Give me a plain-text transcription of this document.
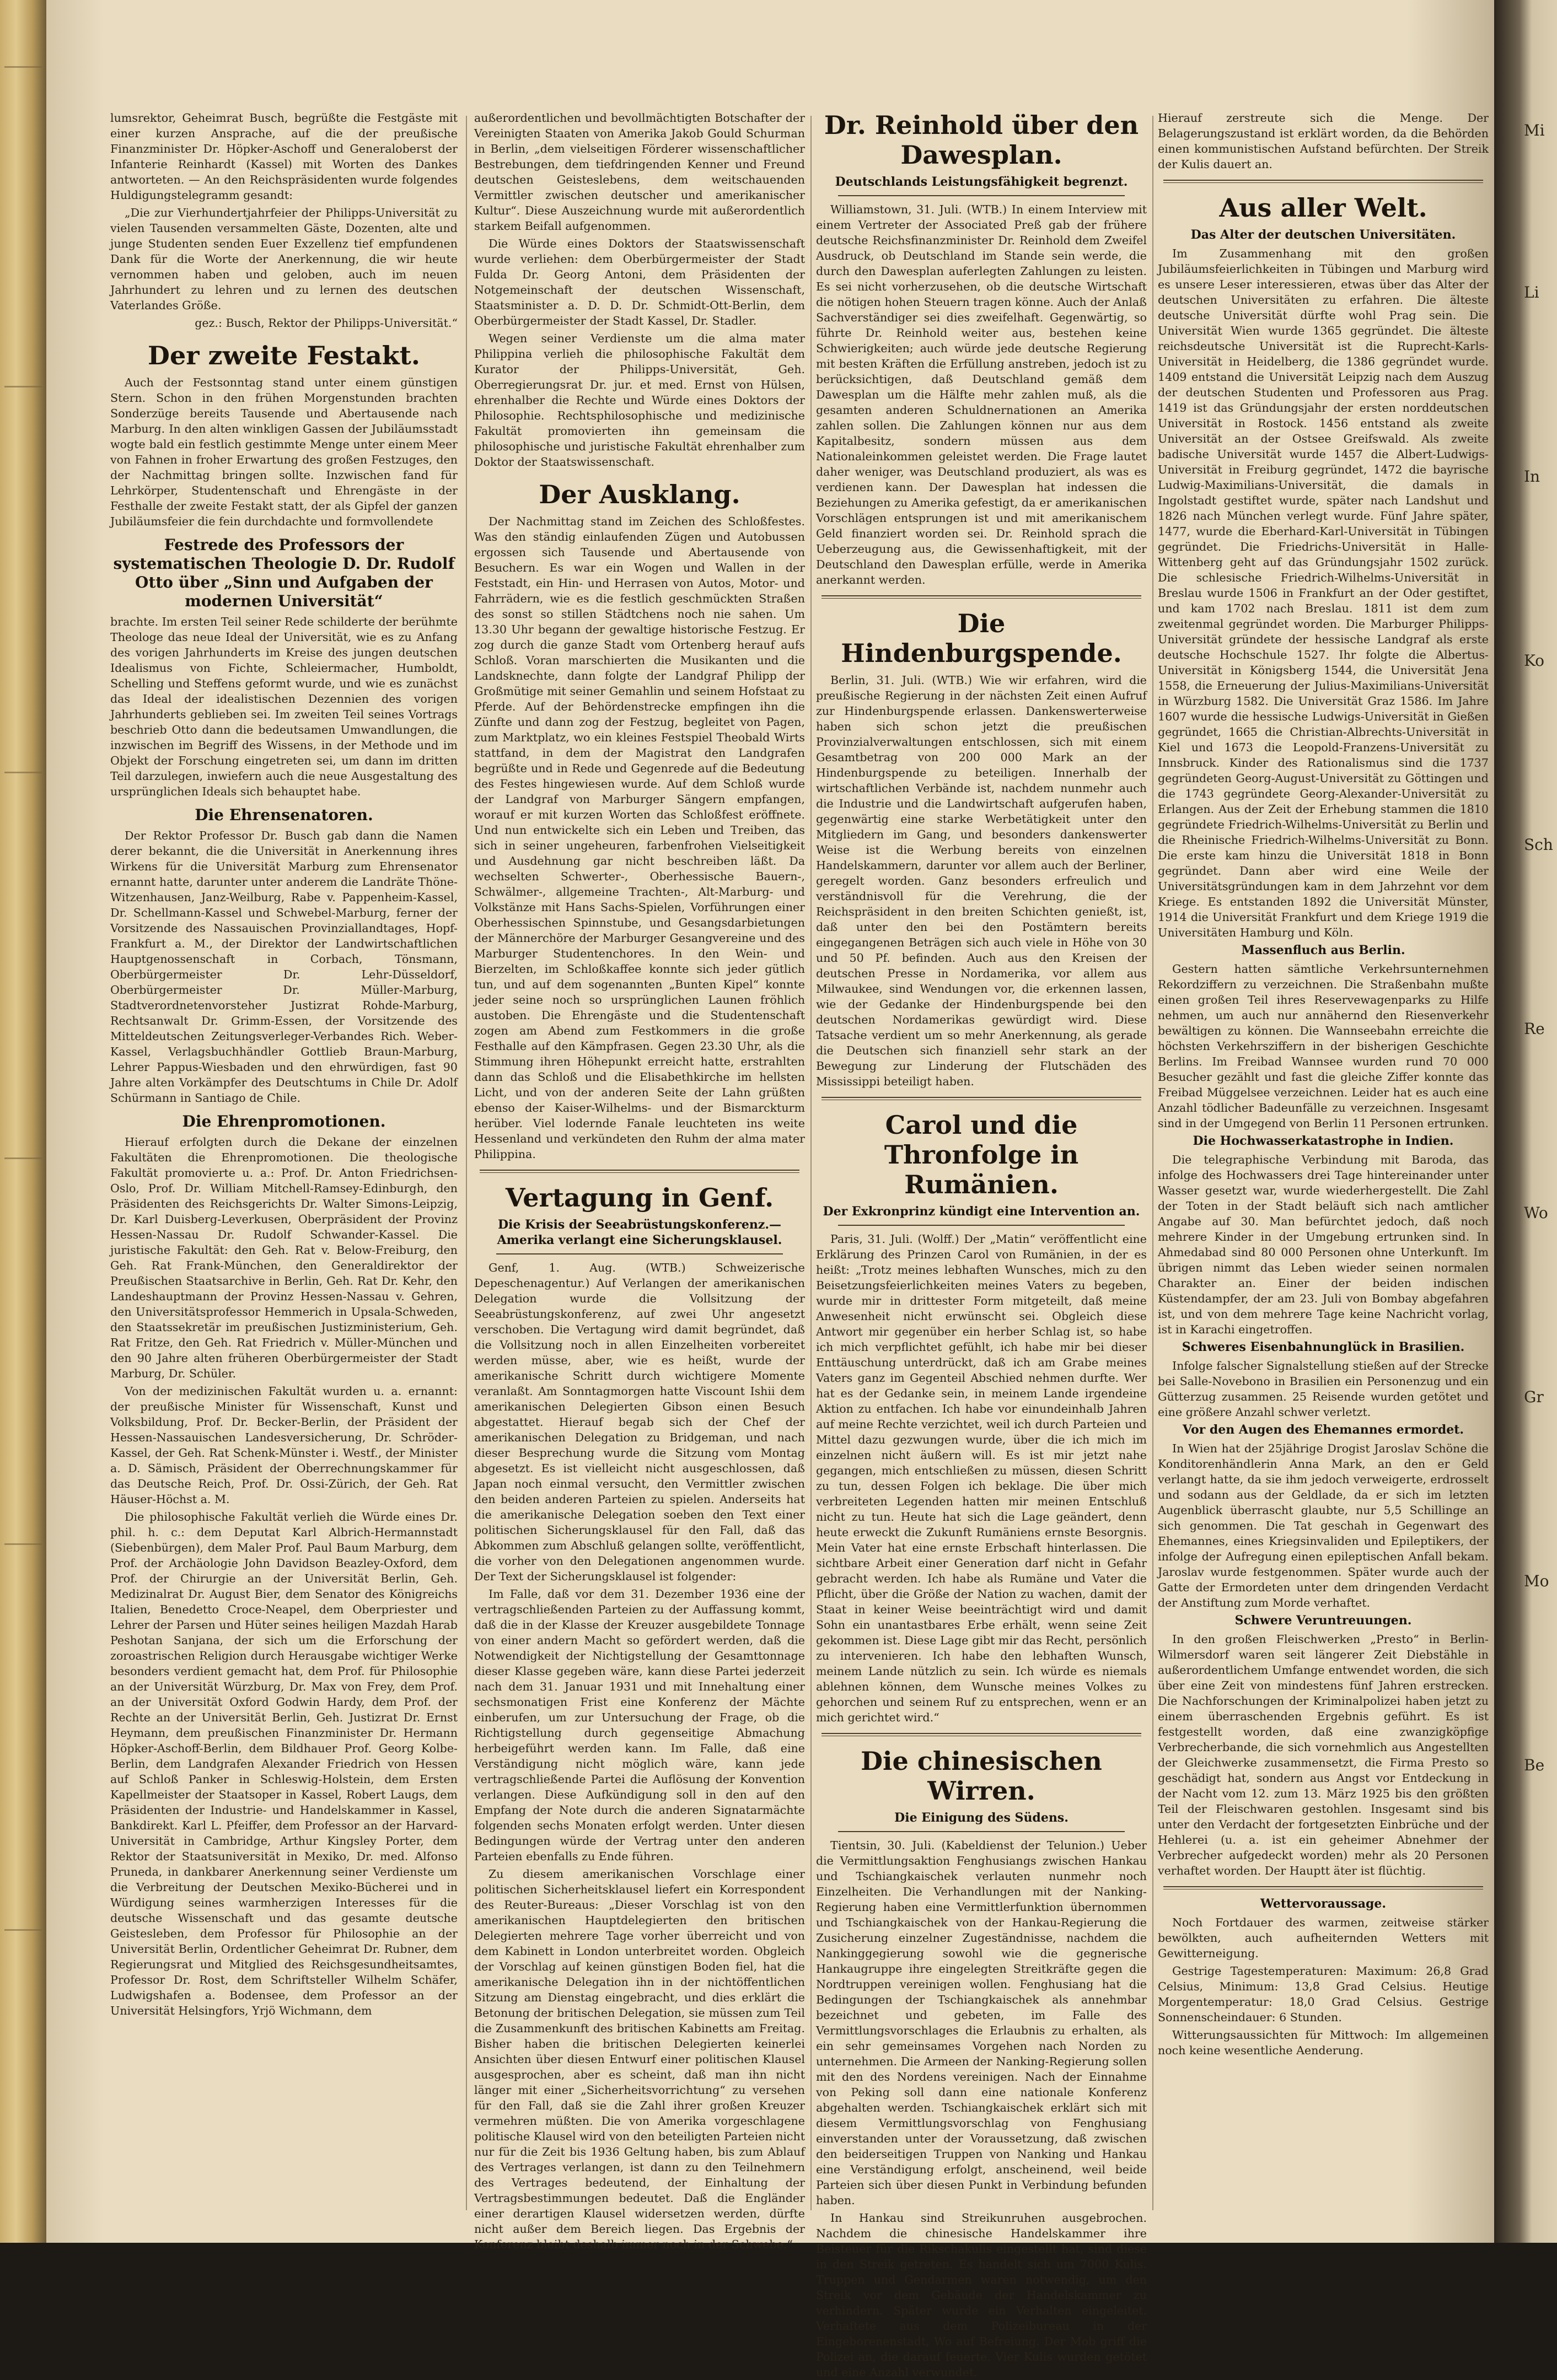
lumsrektor, Geheimrat Busch, begrüßte die Festgäste mit einer kurzen Ansprache, auf die der preußische Finanzminister Dr. Höpker-Aschoff und Generaloberst der Infanterie Reinhardt (Kassel) mit Worten des Dankes antworteten. — An den Reichspräsidenten wurde folgendes Huldigungstelegramm gesandt:

„Die zur Vierhundertjahrfeier der Philipps-Universität zu vielen Tausenden versammelten Gäste, Dozenten, alte und junge Studenten senden Euer Exzellenz tief empfundenen Dank für die Worte der Anerkennung, die wir heute vernommen haben und geloben, auch im neuen Jahrhundert zu lehren und zu lernen des deutschen Vaterlandes Größe.

gez.: Busch, Rektor der Philipps-Universität.“

Der zweite Festakt.

Auch der Festsonntag stand unter einem günstigen Stern. Schon in den frühen Morgenstunden brachten Sonderzüge bereits Tausende und Abertausende nach Marburg. In den alten winkligen Gassen der Jubiläumsstadt wogte bald ein festlich gestimmte Menge unter einem Meer von Fahnen in froher Erwartung des großen Festzuges, den der Nachmittag bringen sollte. Inzwischen fand für Lehrkörper, Studentenschaft und Ehrengäste in der Festhalle der zweite Festakt statt, der als Gipfel der ganzen Jubiläumsfeier die fein durchdachte und formvollendete

Festrede des Professors der systematischen Theologie D. Dr. Rudolf Otto über „Sinn und Aufgaben der modernen Universität“

brachte. Im ersten Teil seiner Rede schilderte der berühmte Theologe das neue Ideal der Universität, wie es zu Anfang des vorigen Jahrhunderts im Kreise des jungen deutschen Idealismus von Fichte, Schleiermacher, Humboldt, Schelling und Steffens geformt wurde, und wie es zunächst das Ideal der idealistischen Dezennien des vorigen Jahrhunderts geblieben sei. Im zweiten Teil seines Vortrags beschrieb Otto dann die bedeutsamen Umwandlungen, die inzwischen im Begriff des Wissens, in der Methode und im Objekt der Forschung eingetreten sei, um dann im dritten Teil darzulegen, inwiefern auch die neue Ausgestaltung des ursprünglichen Ideals sich behauptet habe.

Die Ehrensenatoren.

Der Rektor Professor Dr. Busch gab dann die Namen derer bekannt, die die Universität in Anerkennung ihres Wirkens für die Universität Marburg zum Ehrensenator ernannt hatte, darunter unter anderem die Landräte Thöne-Witzenhausen, Janz-Weilburg, Rabe v. Pappenheim-Kassel, Dr. Schellmann-Kassel und Schwebel-Marburg, ferner der Vorsitzende des Nassauischen Provinziallandtages, Hopf-Frankfurt a. M., der Direktor der Landwirtschaftlichen Hauptgenossenschaft in Corbach, Tönsmann, Oberbürgermeister Dr. Lehr-Düsseldorf, Oberbürgermeister Dr. Müller-Marburg, Stadtverordnetenvorsteher Justizrat Rohde-Marburg, Rechtsanwalt Dr. Grimm-Essen, der Vorsitzende des Mitteldeutschen Zeitungsverleger-Verbandes Rich. Weber-Kassel, Verlagsbuchhändler Gottlieb Braun-Marburg, Lehrer Pappus-Wiesbaden und den ehrwürdigen, fast 90 Jahre alten Vorkämpfer des Deutschtums in Chile Dr. Adolf Schürmann in Santiago de Chile.

Die Ehrenpromotionen.

Hierauf erfolgten durch die Dekane der einzelnen Fakultäten die Ehrenpromotionen. Die theologische Fakultät promovierte u. a.: Prof. Dr. Anton Friedrichsen-Oslo, Prof. Dr. William Mitchell-Ramsey-Edinburgh, den Präsidenten des Reichsgerichts Dr. Walter Simons-Leipzig, Dr. Karl Duisberg-Leverkusen, Oberpräsident der Provinz Hessen-Nassau Dr. Rudolf Schwander-Kassel. Die juristische Fakultät: den Geh. Rat v. Below-Freiburg, den Geh. Rat Frank-München, den Generaldirektor der Preußischen Staatsarchive in Berlin, Geh. Rat Dr. Kehr, den Landeshauptmann der Provinz Hessen-Nassau v. Gehren, den Universitätsprofessor Hemmerich in Upsala-Schweden, den Staatssekretär im preußischen Justizministerium, Geh. Rat Fritze, den Geh. Rat Friedrich v. Müller-München und den 90 Jahre alten früheren Oberbürgermeister der Stadt Marburg, Dr. Schüler.

Von der medizinischen Fakultät wurden u. a. ernannt: der preußische Minister für Wissenschaft, Kunst und Volksbildung, Prof. Dr. Becker-Berlin, der Präsident der Hessen-Nassauischen Landesversicherung, Dr. Schröder-Kassel, der Geh. Rat Schenk-Münster i. Westf., der Minister a. D. Sämisch, Präsident der Oberrechnungskammer für das Deutsche Reich, Prof. Dr. Ossi-Zürich, der Geh. Rat Häuser-Höchst a. M.

Die philosophische Fakultät verlieh die Würde eines Dr. phil. h. c.: dem Deputat Karl Albrich-Hermannstadt (Siebenbürgen), dem Maler Prof. Paul Baum Marburg, dem Prof. der Archäologie John Davidson Beazley-Oxford, dem Prof. der Chirurgie an der Universität Berlin, Geh. Medizinalrat Dr. August Bier, dem Senator des Königreichs Italien, Benedetto Croce-Neapel, dem Oberpriester und Lehrer der Parsen und Hüter seines heiligen Mazdah Harab Peshotan Sanjana, der sich um die Erforschung der zoroastrischen Religion durch Herausgabe wichtiger Werke besonders verdient gemacht hat, dem Prof. für Philosophie an der Universität Würzburg, Dr. Max von Frey, dem Prof. an der Universität Oxford Godwin Hardy, dem Prof. der Rechte an der Universität Berlin, Geh. Justizrat Dr. Ernst Heymann, dem preußischen Finanzminister Dr. Hermann Höpker-Aschoff-Berlin, dem Bildhauer Prof. Georg Kolbe-Berlin, dem Landgrafen Alexander Friedrich von Hessen auf Schloß Panker in Schleswig-Holstein, dem Ersten Kapellmeister der Staatsoper in Kassel, Robert Laugs, dem Präsidenten der Industrie- und Handelskammer in Kassel, Bankdirekt. Karl L. Pfeiffer, dem Professor an der Harvard-Universität in Cambridge, Arthur Kingsley Porter, dem Rektor der Staatsuniversität in Mexiko, Dr. med. Alfonso Pruneda, in dankbarer Anerkennung seiner Verdienste um die Verbreitung der Deutschen Mexiko-Bücherei und in Würdigung seines warmherzigen Interesses für die deutsche Wissenschaft und das gesamte deutsche Geistesleben, dem Professor für Philosophie an der Universität Berlin, Ordentlicher Geheimrat Dr. Rubner, dem Regierungsrat und Mitglied des Reichsgesundheitsamtes, Professor Dr. Rost, dem Schriftsteller Wilhelm Schäfer, Ludwigshafen a. Bodensee, dem Professor an der Universität Helsingfors, Yrjö Wichmann, dem

außerordentlichen und bevollmächtigten Botschafter der Vereinigten Staaten von Amerika Jakob Gould Schurman in Berlin, „dem vielseitigen Förderer wissenschaftlicher Bestrebungen, dem tiefdringenden Kenner und Freund deutschen Geisteslebens, dem weitschauenden Vermittler zwischen deutscher und amerikanischer Kultur“. Diese Auszeichnung wurde mit außerordentlich starkem Beifall aufgenommen.

Die Würde eines Doktors der Staatswissenschaft wurde verliehen: dem Oberbürgermeister der Stadt Fulda Dr. Georg Antoni, dem Präsidenten der Notgemeinschaft der deutschen Wissenschaft, Staatsminister a. D. D. Dr. Schmidt-Ott-Berlin, dem Oberbürgermeister der Stadt Kassel, Dr. Stadler.

Wegen seiner Verdienste um die alma mater Philippina verlieh die philosophische Fakultät dem Kurator der Philipps-Universität, Geh. Oberregierungsrat Dr. jur. et med. Ernst von Hülsen, ehrenhalber die Rechte und Würde eines Doktors der Philosophie. Rechtsphilosophische und medizinische Fakultät promovierten ihn gemeinsam die philosophische und juristische Fakultät ehrenhalber zum Doktor der Staatswissenschaft.

Der Ausklang.

Der Nachmittag stand im Zeichen des Schloßfestes. Was den ständig einlaufenden Zügen und Autobussen ergossen sich Tausende und Abertausende von Besuchern. Es war ein Wogen und Wallen in der Feststadt, ein Hin- und Herrasen von Autos, Motor- und Fahrrädern, wie es die festlich geschmückten Straßen des sonst so stillen Städtchens noch nie sahen. Um 13.30 Uhr begann der gewaltige historische Festzug. Er zog durch die ganze Stadt vom Ortenberg herauf aufs Schloß. Voran marschierten die Musikanten und die Landsknechte, dann folgte der Landgraf Philipp der Großmütige mit seiner Gemahlin und seinem Hofstaat zu Pferde. Auf der Behördenstrecke empfingen ihn die Zünfte und dann zog der Festzug, begleitet von Pagen, zum Marktplatz, wo ein kleines Festspiel Theobald Wirts stattfand, in dem der Magistrat den Landgrafen begrüßte und in Rede und Gegenrede auf die Bedeutung des Festes hingewiesen wurde. Auf dem Schloß wurde der Landgraf von Marburger Sängern empfangen, worauf er mit kurzen Worten das Schloßfest eröffnete. Und nun entwickelte sich ein Leben und Treiben, das sich in seiner ungeheuren, farbenfrohen Vielseitigkeit und Ausdehnung gar nicht beschreiben läßt. Da wechselten Schwerter-, Oberhessische Bauern-, Schwälmer-, allgemeine Trachten-, Alt-Marburg- und Volkstänze mit Hans Sachs-Spielen, Vorführungen einer Oberhessischen Spinnstube, und Gesangsdarbietungen der Männerchöre der Marburger Gesangvereine und des Marburger Studentenchores. In den Wein- und Bierzelten, im Schloßkaffee konnte sich jeder gütlich tun, und auf dem sogenannten „Bunten Kipel“ konnte jeder seine noch so ursprünglichen Launen fröhlich austoben. Die Ehrengäste und die Studentenschaft zogen am Abend zum Festkommers in die große Festhalle auf den Kämpfrasen. Gegen 23.30 Uhr, als die Stimmung ihren Höhepunkt erreicht hatte, erstrahlten dann das Schloß und die Elisabethkirche im hellsten Licht, und von der anderen Seite der Lahn grüßten ebenso der Kaiser-Wilhelms- und der Bismarckturm herüber. Viel lodernde Fanale leuchteten ins weite Hessenland und verkündeten den Ruhm der alma mater Philippina.

Vertagung in Genf.
Die Krisis der Seeabrüstungskonferenz.— Amerika verlangt eine Sicherungsklausel.

Genf, 1. Aug. (WTB.) Schweizerische Depeschenagentur.) Auf Verlangen der amerikanischen Delegation wurde die Vollsitzung der Seeabrüstungskonferenz, auf zwei Uhr angesetzt verschoben. Die Vertagung wird damit begründet, daß die Vollsitzung noch in allen Einzelheiten vorbereitet werden müsse, aber, wie es heißt, wurde der amerikanische Schritt durch wichtigere Momente veranlaßt. Am Sonntagmorgen hatte Viscount Ishii dem amerikanischen Delegierten Gibson einen Besuch abgestattet. Hierauf begab sich der Chef der amerikanischen Delegation zu Bridgeman, und nach dieser Besprechung wurde die Sitzung vom Montag abgesetzt. Es ist vielleicht nicht ausgeschlossen, daß Japan noch einmal versucht, den Vermittler zwischen den beiden anderen Parteien zu spielen. Anderseits hat die amerikanische Delegation soeben den Text einer politischen Sicherungsklausel für den Fall, daß das Abkommen zum Abschluß gelangen sollte, veröffentlicht, die vorher von den Delegationen angenommen wurde. Der Text der Sicherungsklausel ist folgender:

Im Falle, daß vor dem 31. Dezember 1936 eine der vertragschließenden Parteien zu der Auffassung kommt, daß die in der Klasse der Kreuzer ausgebildete Tonnage von einer andern Macht so gefördert werden, daß die Notwendigkeit der Nichtigstellung der Gesamttonnage dieser Klasse gegeben wäre, kann diese Partei jederzeit nach dem 31. Januar 1931 und mit Innehaltung einer sechsmonatigen Frist eine Konferenz der Mächte einberufen, um zur Untersuchung der Frage, ob die Richtigstellung durch gegenseitige Abmachung herbeigeführt werden kann. Im Falle, daß eine Verständigung nicht möglich wäre, kann jede vertragschließende Partei die Auflösung der Konvention verlangen. Diese Aufkündigung soll in den auf den Empfang der Note durch die anderen Signatarmächte folgenden sechs Monaten erfolgt werden. Unter diesen Bedingungen würde der Vertrag unter den anderen Parteien ebenfalls zu Ende führen.

Zu diesem amerikanischen Vorschlage einer politischen Sicherheitsklausel liefert ein Korrespondent des Reuter-Bureaus: „Dieser Vorschlag ist von den amerikanischen Hauptdelegierten den britischen Delegierten mehrere Tage vorher überreicht und von dem Kabinett in London unterbreitet worden. Obgleich der Vorschlag auf keinen günstigen Boden fiel, hat die amerikanische Delegation ihn in der nichtöffentlichen Sitzung am Dienstag eingebracht, und dies erklärt die Betonung der britischen Delegation, sie müssen zum Teil die Zusammenkunft des britischen Kabinetts am Freitag. Bisher haben die britischen Delegierten keinerlei Ansichten über diesen Entwurf einer politischen Klausel ausgesprochen, aber es scheint, daß man ihn nicht länger mit einer „Sicherheitsvorrichtung“ zu versehen für den Fall, daß sie die Zahl ihrer großen Kreuzer vermehren müßten. Die von Amerika vorgeschlagene politische Klausel wird von den beteiligten Parteien nicht nur für die Zeit bis 1936 Geltung haben, bis zum Ablauf des Vertrages verlangen, ist dann zu den Teilnehmern des Vertrages bedeutend, der Einhaltung der Vertragsbestimmungen bedeutet. Daß die Engländer einer derartigen Klausel widersetzen werden, dürfte nicht außer dem Bereich liegen. Das Ergebnis der Konferenz bleibt deshalb immer noch in der Schwebe.“

Dr. Reinhold über den Dawesplan.
Deutschlands Leistungsfähigkeit begrenzt.

Williamstown, 31. Juli. (WTB.) In einem Interview mit einem Vertreter der Associated Preß gab der frühere deutsche Reichsfinanzminister Dr. Reinhold dem Zweifel Ausdruck, ob Deutschland im Stande sein werde, die durch den Dawesplan auferlegten Zahlungen zu leisten. Es sei nicht vorherzusehen, ob die deutsche Wirtschaft die nötigen hohen Steuern tragen könne. Auch der Anlaß Sachverständiger sei dies zweifelhaft. Gegenwärtig, so führte Dr. Reinhold weiter aus, bestehen keine Schwierigkeiten; auch würde jede deutsche Regierung mit besten Kräften die Erfüllung anstreben, jedoch ist zu berücksichtigen, daß Deutschland gemäß dem Dawesplan um die Hälfte mehr zahlen muß, als die gesamten anderen Schuldnernationen an Amerika zahlen sollen. Die Zahlungen können nur aus dem Kapitalbesitz, sondern müssen aus dem Nationaleinkommen geleistet werden. Die Frage lautet daher weniger, was Deutschland produziert, als was es verdienen kann. Der Dawesplan hat indessen die Beziehungen zu Amerika gefestigt, da er amerikanischen Vorschlägen entsprungen ist und mit amerikanischem Geld finanziert worden sei. Dr. Reinhold sprach die Ueberzeugung aus, die Gewissenhaftigkeit, mit der Deutschland den Dawesplan erfülle, werde in Amerika anerkannt werden.

Die Hindenburgspende.

Berlin, 31. Juli. (WTB.) Wie wir erfahren, wird die preußische Regierung in der nächsten Zeit einen Aufruf zur Hindenburgspende erlassen. Dankenswerterweise haben sich schon jetzt die preußischen Provinzialverwaltungen entschlossen, sich mit einem Gesamtbetrag von 200 000 Mark an der Hindenburgspende zu beteiligen. Innerhalb der wirtschaftlichen Verbände ist, nachdem nunmehr auch die Industrie und die Landwirtschaft aufgerufen haben, gegenwärtig eine starke Werbetätigkeit unter den Mitgliedern im Gang, und besonders dankenswerter Weise ist die Werbung bereits von einzelnen Handelskammern, darunter vor allem auch der Berliner, geregelt worden. Ganz besonders erfreulich und verständnisvoll für die Verehrung, die der Reichspräsident in den breiten Schichten genießt, ist, daß unter den bei den Postämtern bereits eingegangenen Beträgen sich auch viele in Höhe von 30 und 50 Pf. befinden. Auch aus den Kreisen der deutschen Presse in Nordamerika, vor allem aus Milwaukee, sind Wendungen vor, die erkennen lassen, wie der Gedanke der Hindenburgspende bei den deutschen Nordamerikas gewürdigt wird. Diese Tatsache verdient um so mehr Anerkennung, als gerade die Deutschen sich finanziell sehr stark an der Bewegung zur Linderung der Flutschäden des Mississippi beteiligt haben.

Carol und die Thronfolge in Rumänien.
Der Exkronprinz kündigt eine Intervention an.

Paris, 31. Juli. (Wolff.) Der „Matin“ veröffentlicht eine Erklärung des Prinzen Carol von Rumänien, in der es heißt: „Trotz meines lebhaften Wunsches, mich zu den Beisetzungsfeierlichkeiten meines Vaters zu begeben, wurde mir in drittester Form mitgeteilt, daß meine Anwesenheit nicht erwünscht sei. Obgleich diese Antwort mir gegenüber ein herber Schlag ist, so habe ich mich verpflichtet gefühlt, ich habe mir bei dieser Enttäuschung unterdrückt, daß ich am Grabe meines Vaters ganz im Gegenteil Abschied nehmen durfte. Wer hat es der Gedanke sein, in meinem Lande irgendeine Aktion zu entfachen. Ich habe vor einundeinhalb Jahren auf meine Rechte verzichtet, weil ich durch Parteien und Mittel dazu gezwungen wurde, über die ich mich im einzelnen nicht äußern will. Es ist mir jetzt nahe gegangen, mich entschließen zu müssen, diesen Schritt zu tun, dessen Folgen ich beklage. Die über mich verbreiteten Legenden hatten mir meinen Entschluß nicht zu tun. Heute hat sich die Lage geändert, denn heute erweckt die Zukunft Rumäniens ernste Besorgnis. Mein Vater hat eine ernste Erbschaft hinterlassen. Die sichtbare Arbeit einer Generation darf nicht in Gefahr gebracht werden. Ich habe als Rumäne und Vater die Pflicht, über die Größe der Nation zu wachen, damit der Staat in keiner Weise beeinträchtigt wird und damit Sohn ein unantastbares Erbe erhält, wenn seine Zeit gekommen ist. Diese Lage gibt mir das Recht, persönlich zu intervenieren. Ich habe den lebhaften Wunsch, meinem Lande nützlich zu sein. Ich würde es niemals ablehnen können, dem Wunsche meines Volkes zu gehorchen und seinem Ruf zu entsprechen, wenn er an mich gerichtet wird.“

Die chinesischen Wirren.
Die Einigung des Südens.

Tientsin, 30. Juli. (Kabeldienst der Telunion.) Ueber die Vermittlungsaktion Fenghusiangs zwischen Hankau und Tschiangkaischek verlauten nunmehr noch Einzelheiten. Die Verhandlungen mit der Nanking-Regierung haben eine Vermittlerfunktion übernommen und Tschiangkaischek von der Hankau-Regierung die Zusicherung einzelner Zugeständnisse, nachdem die Nankinggegierung sowohl wie die gegnerische Hankaugruppe ihre eingelegten Streitkräfte gegen die Nordtruppen vereinigen wollen. Fenghusiang hat die Bedingungen der Tschiangkaischek als annehmbar bezeichnet und gebeten, im Falle des Vermittlungsvorschlages die Erlaubnis zu erhalten, als ein sehr gemeinsames Vorgehen nach Norden zu unternehmen. Die Armeen der Nanking-Regierung sollen mit den des Nordens vereinigen. Nach der Einnahme von Peking soll dann eine nationale Konferenz abgehalten werden. Tschiangkaischek erklärt sich mit diesem Vermittlungsvorschlag von Fenghusiang einverstanden unter der Voraussetzung, daß zwischen den beiderseitigen Truppen von Nanking und Hankau eine Verständigung erfolgt, anscheinend, weil beide Parteien sich über diesen Punkt in Verbindung befunden haben.

In Hankau sind Streikunruhen ausgebrochen. Nachdem die chinesische Handelskammer ihre Beisteuer für die Rikschakulis eingestellt hat, sind diese in den Streik getreten. Es handelt sich um 7000 Kulis. Truppen und Gendarmen waren notwendig, um den Streik vor dem Gebäude der Handelskammer zu verhindern. Später wurde ein Verhalten eingeleitet. Verhaftete aus dem Polizeibureau in der Eingeborenenstadt, Wo auf Befreiung. Der Mob griff die Polizei an, die darauf feuerte. Vier Kulis wurden getötet und eine Anzahl verwundet.

Hierauf zerstreute sich die Menge. Der Belagerungszustand ist erklärt worden, da die Behörden einen kommunistischen Aufstand befürchten. Der Streik der Kulis dauert an.

Aus aller Welt.
Das Alter der deutschen Universitäten.

Im Zusammenhang mit den großen Jubiläumsfeierlichkeiten in Tübingen und Marburg wird es unsere Leser interessieren, etwas über das Alter der deutschen Universitäten zu erfahren. Die älteste deutsche Universität dürfte wohl Prag sein. Die Universität Wien wurde 1365 gegründet. Die älteste reichsdeutsche Universität ist die Ruprecht-Karls-Universität in Heidelberg, die 1386 gegründet wurde. 1409 entstand die Universität Leipzig nach dem Auszug der deutschen Studenten und Professoren aus Prag. 1419 ist das Gründungsjahr der ersten norddeutschen Universität in Rostock. 1456 entstand als zweite Universität an der Ostsee Greifswald. Als zweite badische Universität wurde 1457 die Albert-Ludwigs-Universität in Freiburg gegründet, 1472 die bayrische Ludwig-Maximilians-Universität, die damals in Ingolstadt gestiftet wurde, später nach Landshut und 1826 nach München verlegt wurde. Fünf Jahre später, 1477, wurde die Eberhard-Karl-Universität in Tübingen gegründet. Die Friedrichs-Universität in Halle-Wittenberg geht auf das Gründungsjahr 1502 zurück. Die schlesische Friedrich-Wilhelms-Universität in Breslau wurde 1506 in Frankfurt an der Oder gestiftet, und kam 1702 nach Breslau. 1811 ist dem zum zweitenmal gegründet worden. Die Marburger Philipps-Universität gründete der hessische Landgraf als erste deutsche Hochschule 1527. Ihr folgte die Albertus-Universität in Königsberg 1544, die Universität Jena 1558, die Erneuerung der Julius-Maximilians-Universität in Würzburg 1582. Die Universität Graz 1586. Im Jahre 1607 wurde die hessische Ludwigs-Universität in Gießen gegründet, 1665 die Christian-Albrechts-Universität in Kiel und 1673 die Leopold-Franzens-Universität zu Innsbruck. Kinder des Rationalismus sind die 1737 gegründeten Georg-August-Universität zu Göttingen und die 1743 gegründete Georg-Alexander-Universität zu Erlangen. Aus der Zeit der Erhebung stammen die 1810 gegründete Friedrich-Wilhelms-Universität zu Berlin und die Rheinische Friedrich-Wilhelms-Universität zu Bonn. Die erste kam hinzu die Universität 1818 in Bonn gegründet. Dann aber wird eine Weile der Universitätsgründungen kam in dem Jahrzehnt vor dem Kriege. Es entstanden 1892 die Universität Münster, 1914 die Universität Frankfurt und dem Kriege 1919 die Universitäten Hamburg und Köln.

Massenfluch aus Berlin.

Gestern hatten sämtliche Verkehrsunternehmen Rekordziffern zu verzeichnen. Die Straßenbahn mußte einen großen Teil ihres Reservewagenparks zu Hilfe nehmen, um auch nur annähernd den Riesenverkehr bewältigen zu können. Die Wannseebahn erreichte die höchsten Verkehrsziffern in der bisherigen Geschichte Berlins. Im Freibad Wannsee wurden rund 70 000 Besucher gezählt und fast die gleiche Ziffer konnte das Freibad Müggelsee verzeichnen. Leider hat es auch eine Anzahl tödlicher Badeunfälle zu verzeichnen. Insgesamt sind in der Umgegend von Berlin 11 Personen ertrunken.

Die Hochwasserkatastrophe in Indien.

Die telegraphische Verbindung mit Baroda, das infolge des Hochwassers drei Tage hintereinander unter Wasser gesetzt war, wurde wiederhergestellt. Die Zahl der Toten in der Stadt beläuft sich nach amtlicher Angabe auf 30. Man befürchtet jedoch, daß noch mehrere Kinder in der Umgebung ertrunken sind. In Ahmedabad sind 80 000 Personen ohne Unterkunft. Im übrigen nimmt das Leben wieder seinen normalen Charakter an. Einer der beiden indischen Küstendampfer, der am 23. Juli von Bombay abgefahren ist, und von dem mehrere Tage keine Nachricht vorlag, ist in Karachi eingetroffen.

Schweres Eisenbahnunglück in Brasilien.

Infolge falscher Signalstellung stießen auf der Strecke bei Salle-Novebono in Brasilien ein Personenzug und ein Gütterzug zusammen. 25 Reisende wurden getötet und eine größere Anzahl schwer verletzt.

Vor den Augen des Ehemannes ermordet.

In Wien hat der 25jährige Drogist Jaroslav Schöne die Konditorenhändlerin Anna Mark, an den er Geld verlangt hatte, da sie ihm jedoch verweigerte, erdrosselt und sodann aus der Geldlade, da er sich im letzten Augenblick überrascht glaubte, nur 5,5 Schillinge an sich genommen. Die Tat geschah in Gegenwart des Ehemannes, eines Kriegsinvaliden und Epileptikers, der infolge der Aufregung einen epileptischen Anfall bekam. Jaroslav wurde festgenommen. Später wurde auch der Gatte der Ermordeten unter dem dringenden Verdacht der Anstiftung zum Morde verhaftet.

Schwere Veruntreuungen.

In den großen Fleischwerken „Presto“ in Berlin-Wilmersdorf waren seit längerer Zeit Diebstähle in außerordentlichem Umfange entwendet worden, die sich über eine Zeit von mindestens fünf Jahren erstrecken. Die Nachforschungen der Kriminalpolizei haben jetzt zu einem überraschenden Ergebnis geführt. Es ist festgestellt worden, daß eine zwanzigköpfige Verbrecherbande, die sich vornehmlich aus Angestellten der Gleichwerke zusammensetzt, die Firma Presto so geschädigt hat, sondern aus Angst vor Entdeckung in der Nacht vom 12. zum 13. März 1925 bis den größten Teil der Fleischwaren gestohlen. Insgesamt sind bis unter den Verdacht der fortgesetzten Einbrüche und der Hehlerei (u. a. ist ein geheimer Abnehmer der Verbrecher aufgedeckt worden) mehr als 20 Personen verhaftet worden. Der Hauptt äter ist flüchtig.

Wettervoraussage.

Noch Fortdauer des warmen, zeitweise stärker bewölkten, auch aufheiternden Wetters mit Gewitterneigung.

Gestrige Tagestemperaturen: Maximum: 26,8 Grad Celsius, Minimum: 13,8 Grad Celsius. Heutige Morgentemperatur: 18,0 Grad Celsius. Gestrige Sonnenscheindauer: 6 Stunden.

Witterungsaussichten für Mittwoch: Im allgemeinen noch keine wesentliche Aenderung.

Mi
Li
In
Ko
Sch
Re
Wo
Gr
Mo
Be
